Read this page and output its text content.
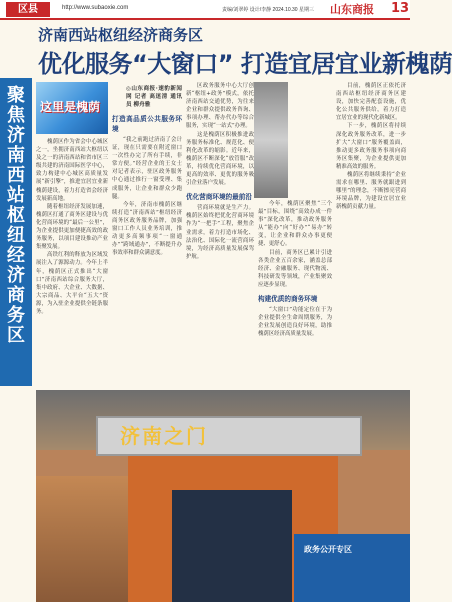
区县	http://www.subaoxie.com	责编/刘翠婷 设计/李静 2024.10.30 星期三 山东商报 13
济南西站枢纽经济商务区
优化服务“大窗口” 打造宜居宜业新槐荫
聚焦济南西站枢纽经济商务区
这里是槐荫

槐荫区作为省会中心城区之一，坐拥济南西站大枢纽以及之一的济南西站和省市区三级共建的济南国际医学中心，致力构建中心城区高质量发展“新引擎”，推进宜居宜业新槐荫建设，着力打造省会经济发展新高地。

随着枢纽经济发展加速，槐荫区打通了商务区建设与优化营商环境的“最后一公里”，为企业提供更加便捷高效的政务服务，以项目建设推动产业集聚发展。

高铁红利的释放为区域发展注入了源源动力。今年上半年，槐荫区正式推出“大窗口”济南西站综合服务大厅，集中政府、大企业、大数据、大宗商品、大平台“五大”资源，为入驻企业提供全链条服务。

◎山东商报·速豹新闻网 记者 高迷清 通讯员 柳舟雅
打造高品质公共服务环境

“我之前跑过济南了会计证，现在只需要在附近窗口一次性办完了所有手续，非常方便。”经营企业的王女士对记者表示，驻区政务服务中心通过推行一窗受理、集成服务，让企业和群众少跑腿。

今年，济南市槐荫区继续打造“济南西站”枢纽经济商务区政务服务品牌，加强窗口工作人员业务培训，推动更多高频事项“一窗通办”“跨域通办”，不断提升办事效率和群众满意度。

区政务服务中心大厅创新“枢纽+政务”模式，依托济南西站交通优势，为往来企业和群众提供政务咨询、事项办理、帮办代办等综合服务，实现“一站式”办理。

这是槐荫区积极推进政务服务标准化、规范化、便利化改革的缩影。近年来，槐荫区不断深化“放管服”改革，持续优化营商环境，以更高的效率、更优的服务吸引企业落户发展。

优化营商环境的最前沿

营商环境就是生产力。槐荫区始终把优化营商环境作为“一把手”工程，聚焦企业需求，着力打造市场化、法治化、国际化一流营商环境，为经济高质量发展保驾护航。

今年，槐荫区聚焦“三个最”目标，围绕“高效办成一件事”深化改革，推动政务服务从“能办”向“好办”“易办”转变，让企业和群众办事更便捷、更舒心。

目前，商务区已累计引进各类企业五百余家，涵盖总部经济、金融服务、现代物流、科技研发等领域，产业集聚效应逐步显现。

构建优质的商务环境

“大窗口”功能定位在于为企业提供全生命周期服务，为企业发展创造良好环境，助推槐荫区经济高质量发展。

目前，槐荫区正依托济南西站枢纽经济商务区建设，加快完善配套设施，优化公共服务供给，着力打造宜居宜业的现代化新城区。

下一步，槐荫区将持续深化政务服务改革，进一步扩大“大窗口”服务覆盖面，推动更多政务服务事项向商务区集聚，为企业提供更加精准高效的服务。

槐荫区将继续秉持“企业需求在哪里、服务就跟进到哪里”的理念，不断擦亮营商环境品牌，为建设宜居宜业新槐荫贡献力量。

济南之门
政务公开专区
